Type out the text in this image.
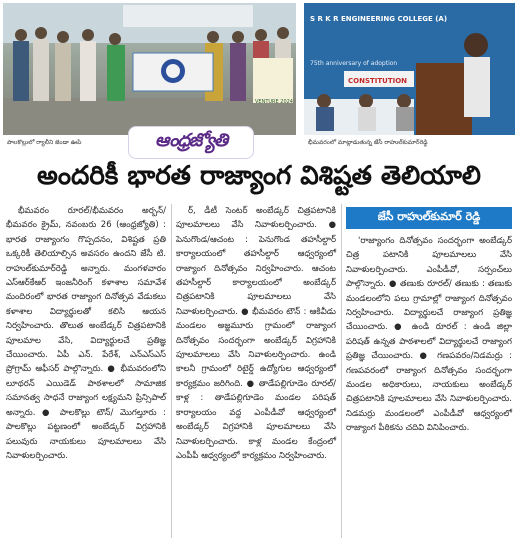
VENTURE 2024
S R K R ENGINEERING COLLEGE (A)
75th anniversary of adoption
CONSTITUTION
పాలకొల్లులో ర్యాలీని జెండా ఊపి	భీమవరంలో మాట్లాడుతున్న జేసీ రాహుల్‌కుమార్‌రెడ్డి
ఆంధ్రజ్యోతి
అందరికీ భారత రాజ్యాంగ విశిష్టత తెలియాలి
జేసీ రాహుల్‌కుమార్ రెడ్డి

భీమవరం రూరల్‌/భీమవరం అర్బన్‌/ భీమవరం క్రైమ్‌, నవంబరు 26 (ఆంధ్రజ్యోతి) : భారత రాజ్యాంగం గొప్పదనం, విశిష్టత ప్రతి ఒక్కరికీ తెలియాల్సిన అవసరం ఉందని జేసీ టి. రాహుల్‌కుమార్‌రెడ్డి అన్నారు. మంగళవారం ఎస్‌ఆర్‌కేఆర్‌ ఇంజనీరింగ్‌ కళాశాల సమావేశ మందిరంలో భారత రాజ్యాంగ దినోత్సవ వేడుకలు కళాశాల విద్యార్థులతో కలిసి ఆయన నిర్వహించారు. తొలుత అంబేడ్కర్‌ చిత్రపటానికి పూలమాల వేసి, విద్యార్థులచే ప్రతిజ్ఞ చేయించారు. ఏపీ ఎన్‌. పేరేశ్‌, ఎన్‌ఎస్‌ఎస్‌ ప్రోగ్రామ్‌ ఆఫీసర్‌ పాల్గొన్నారు. ● భీమవరంలోని లూథరన్‌ ఎయిడెడ్‌ పాఠశాలలో సామాజిక సమానత్వ సాధనే రాజ్యాంగ లక్ష్యమని ప్రిన్సిపాల్‌ అన్నారు. ● పాలకొల్లు టౌన్‌/ మొగల్తూరు : పాలకొల్లు పట్టణంలో అంబేడ్కర్‌ విగ్రహానికి పలువురు నాయకులు పూలమాలలు వేసి నివాళులర్పించారు.

ర్‌, డీటీ సెంటర్‌ అంబేడ్కర్‌ చిత్రపటానికి పూలమాలలు వేసి నివాళులర్పించారు. ● పెనుగొండ/ఆచంట : పెనుగొండ తహసీల్దార్‌ కార్యాలయంలో తహసీల్దార్‌ ఆధ్వర్యంలో రాజ్యాంగ దినోత్సవం నిర్వహించారు. ఆచంట తహసీల్దార్‌ కార్యాలయంలో అంబేడ్కర్‌ చిత్రపటానికి పూలమాలలు వేసి నివాళులర్పించారు. ● భీమవరం టౌన్‌ : ఆకివీడు మండలం అజ్జమూరు గ్రామంలో రాజ్యాంగ దినోత్సవం సందర్భంగా అంబేడ్కర్‌ విగ్రహానికి పూలమాలలు వేసి నివాళులర్పించారు. ఉండి కాలనీ గ్రామంలో రిటైర్డ్‌ ఉద్యోగుల ఆధ్వర్యంలో కార్యక్రమం జరిగింది. ● తాడేపల్లిగూడెం రూరల్‌/ కాళ్ల : తాడేపల్లిగూడెం మండల పరిషత్‌ కార్యాలయం వద్ద ఎంపీడీవో ఆధ్వర్యంలో అంబేడ్కర్‌ విగ్రహానికి పూలమాలలు వేసి నివాళులర్పించారు. కాళ్ల మండల కేంద్రంలో ఎంపీపీ ఆధ్వర్యంలో కార్యక్రమం నిర్వహించారు.

'రాజ్యాంగం దినోత్సవం సందర్భంగా అంబేడ్కర్‌ చిత్ర పటానికి పూలమాలలు వేసి నివాళులర్పించారు. ఎంపీడీవో, సర్పంచ్‌లు పాల్గొన్నారు. ● తణుకు రూరల్‌/ తణుకు : తణుకు మండలంలోని పలు గ్రామాల్లో రాజ్యాంగ దినోత్సవం నిర్వహించారు. విద్యార్థులచే రాజ్యాంగ ప్రతిజ్ఞ చేయించారు. ● ఉండి రూరల్‌ : ఉండి జిల్లా పరిషత్‌ ఉన్నత పాఠశాలలో విద్యార్థులచే రాజ్యాంగ ప్రతిజ్ఞ చేయించారు. ● గణపవరం/నిడమర్రు : గణపవరంలో రాజ్యాంగ దినోత్సవం సందర్భంగా మండల అధికారులు, నాయకులు అంబేడ్కర్‌ చిత్రపటానికి పూలమాలలు వేసి నివాళులర్పించారు. నిడమర్రు మండలంలో ఎంపీడీవో ఆధ్వర్యంలో రాజ్యాంగ పీఠికను చదివి వినిపించారు.
